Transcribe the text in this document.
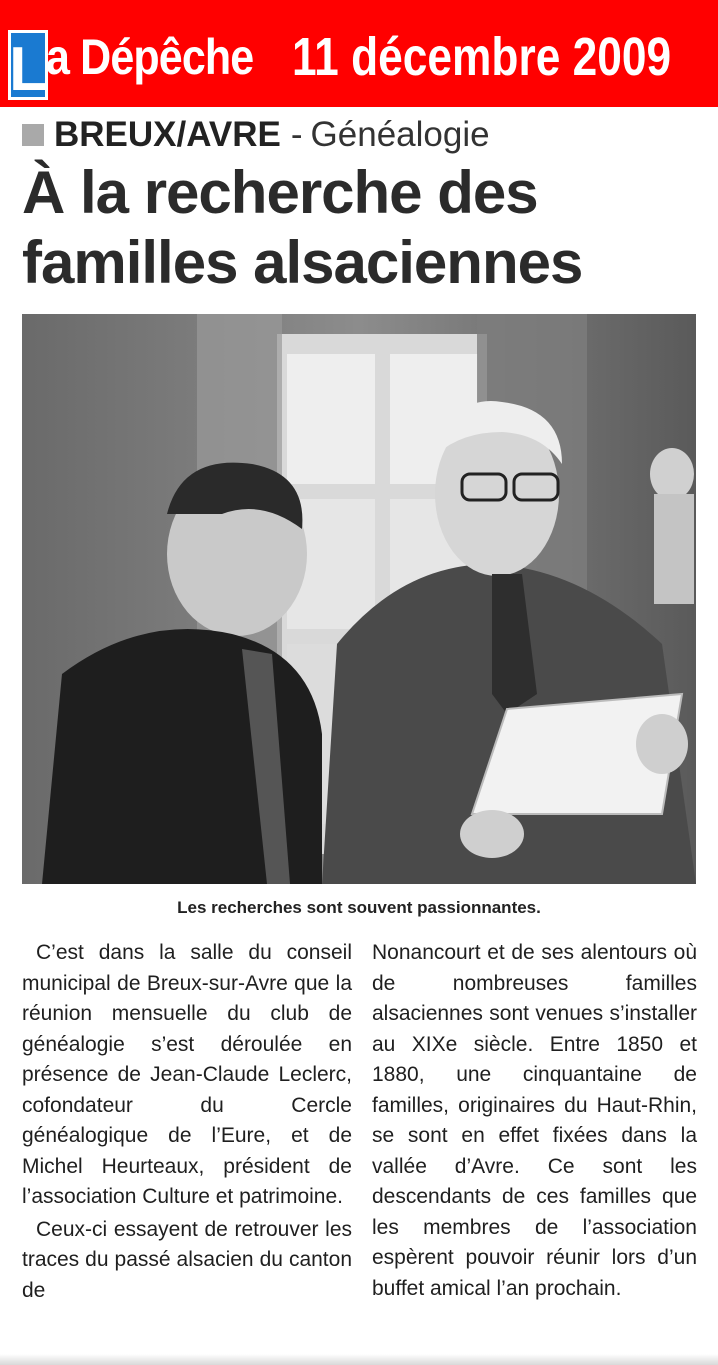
L a Dépêche 11 décembre 2009
BREUX/AVRE - Généalogie
À la recherche des
familles alsaciennes
Les recherches sont souvent passionnantes.

C’est dans la salle du conseil municipal de Breux-sur-Avre que la réunion mensuelle du club de généalogie s’est déroulée en présence de Jean-Claude Leclerc, cofondateur du Cercle généalogique de l’Eure, et de Michel Heurteaux, président de l’association Culture et patrimoine.

Ceux-ci essayent de retrouver les traces du passé alsacien du canton de

Nonancourt et de ses alentours où de nombreuses familles alsaciennes sont venues s’installer au XIXe siècle. Entre 1850 et 1880, une cinquantaine de familles, originaires du Haut-Rhin, se sont en effet fixées dans la vallée d’Avre. Ce sont les descendants de ces familles que les membres de l’association espèrent pouvoir réunir lors d’un buffet amical l’an prochain.
